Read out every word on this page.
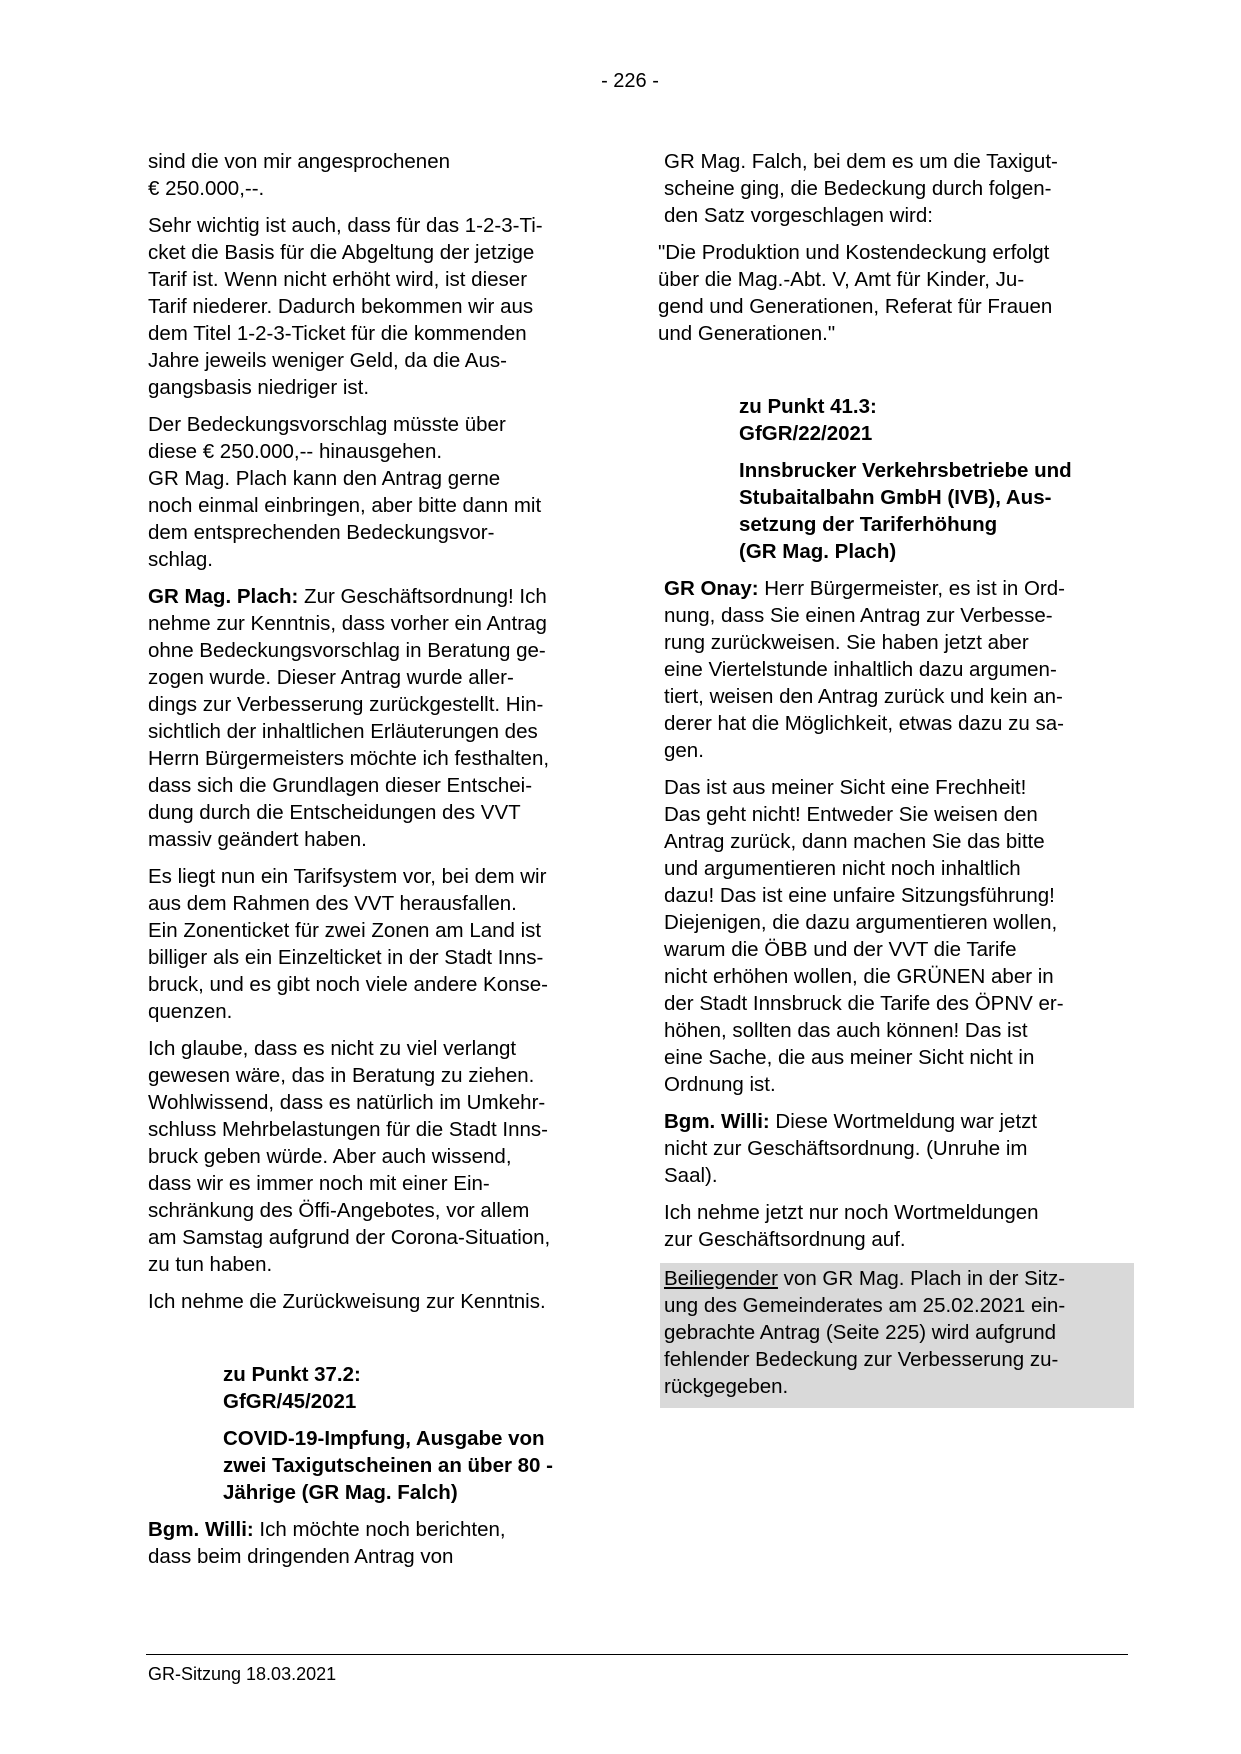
- 226 -

sind die von mir angesprochenen
€ 250.000,--.

Sehr wichtig ist auch, dass für das 1-2-3-Ti-
cket die Basis für die Abgeltung der jetzige
Tarif ist. Wenn nicht erhöht wird, ist dieser
Tarif niederer. Dadurch bekommen wir aus
dem Titel 1-2-3-Ticket für die kommenden
Jahre jeweils weniger Geld, da die Aus-
gangsbasis niedriger ist.

Der Bedeckungsvorschlag müsste über
diese € 250.000,-- hinausgehen.
GR Mag. Plach kann den Antrag gerne
noch einmal einbringen, aber bitte dann mit
dem entsprechenden Bedeckungsvor-
schlag.

GR Mag. Plach: Zur Geschäftsordnung! Ich
nehme zur Kenntnis, dass vorher ein Antrag
ohne Bedeckungsvorschlag in Beratung ge-
zogen wurde. Dieser Antrag wurde aller-
dings zur Verbesserung zurückgestellt. Hin-
sichtlich der inhaltlichen Erläuterungen des
Herrn Bürgermeisters möchte ich festhalten,
dass sich die Grundlagen dieser Entschei-
dung durch die Entscheidungen des VVT
massiv geändert haben.

Es liegt nun ein Tarifsystem vor, bei dem wir
aus dem Rahmen des VVT herausfallen.
Ein Zonenticket für zwei Zonen am Land ist
billiger als ein Einzelticket in der Stadt Inns-
bruck, und es gibt noch viele andere Konse-
quenzen.

Ich glaube, dass es nicht zu viel verlangt
gewesen wäre, das in Beratung zu ziehen.
Wohlwissend, dass es natürlich im Umkehr-
schluss Mehrbelastungen für die Stadt Inns-
bruck geben würde. Aber auch wissend,
dass wir es immer noch mit einer Ein-
schränkung des Öffi-Angebotes, vor allem
am Samstag aufgrund der Corona-Situation,
zu tun haben.

Ich nehme die Zurückweisung zur Kenntnis.

zu Punkt 37.2:
GfGR/45/2021

COVID-19-Impfung, Ausgabe von
zwei Taxigutscheinen an über 80 -
Jährige (GR Mag. Falch)

Bgm. Willi: Ich möchte noch berichten,
dass beim dringenden Antrag von

GR Mag. Falch, bei dem es um die Taxigut-
scheine ging, die Bedeckung durch folgen-
den Satz vorgeschlagen wird:

"Die Produktion und Kostendeckung erfolgt
über die Mag.-Abt. V, Amt für Kinder, Ju-
gend und Generationen, Referat für Frauen
und Generationen."

zu Punkt 41.3:
GfGR/22/2021

Innsbrucker Verkehrsbetriebe und
Stubaitalbahn GmbH (IVB), Aus-
setzung der Tariferhöhung
(GR Mag. Plach)

GR Onay: Herr Bürgermeister, es ist in Ord-
nung, dass Sie einen Antrag zur Verbesse-
rung zurückweisen. Sie haben jetzt aber
eine Viertelstunde inhaltlich dazu argumen-
tiert, weisen den Antrag zurück und kein an-
derer hat die Möglichkeit, etwas dazu zu sa-
gen.

Das ist aus meiner Sicht eine Frechheit!
Das geht nicht! Entweder Sie weisen den
Antrag zurück, dann machen Sie das bitte
und argumentieren nicht noch inhaltlich
dazu! Das ist eine unfaire Sitzungsführung!
Diejenigen, die dazu argumentieren wollen,
warum die ÖBB und der VVT die Tarife
nicht erhöhen wollen, die GRÜNEN aber in
der Stadt Innsbruck die Tarife des ÖPNV er-
höhen, sollten das auch können! Das ist
eine Sache, die aus meiner Sicht nicht in
Ordnung ist.

Bgm. Willi: Diese Wortmeldung war jetzt
nicht zur Geschäftsordnung. (Unruhe im
Saal).

Ich nehme jetzt nur noch Wortmeldungen
zur Geschäftsordnung auf.

Beiliegender von GR Mag. Plach in der Sitz-
ung des Gemeinderates am 25.02.2021 ein-
gebrachte Antrag (Seite 225) wird aufgrund
fehlender Bedeckung zur Verbesserung zu-
rückgegeben.
GR-Sitzung 18.03.2021
